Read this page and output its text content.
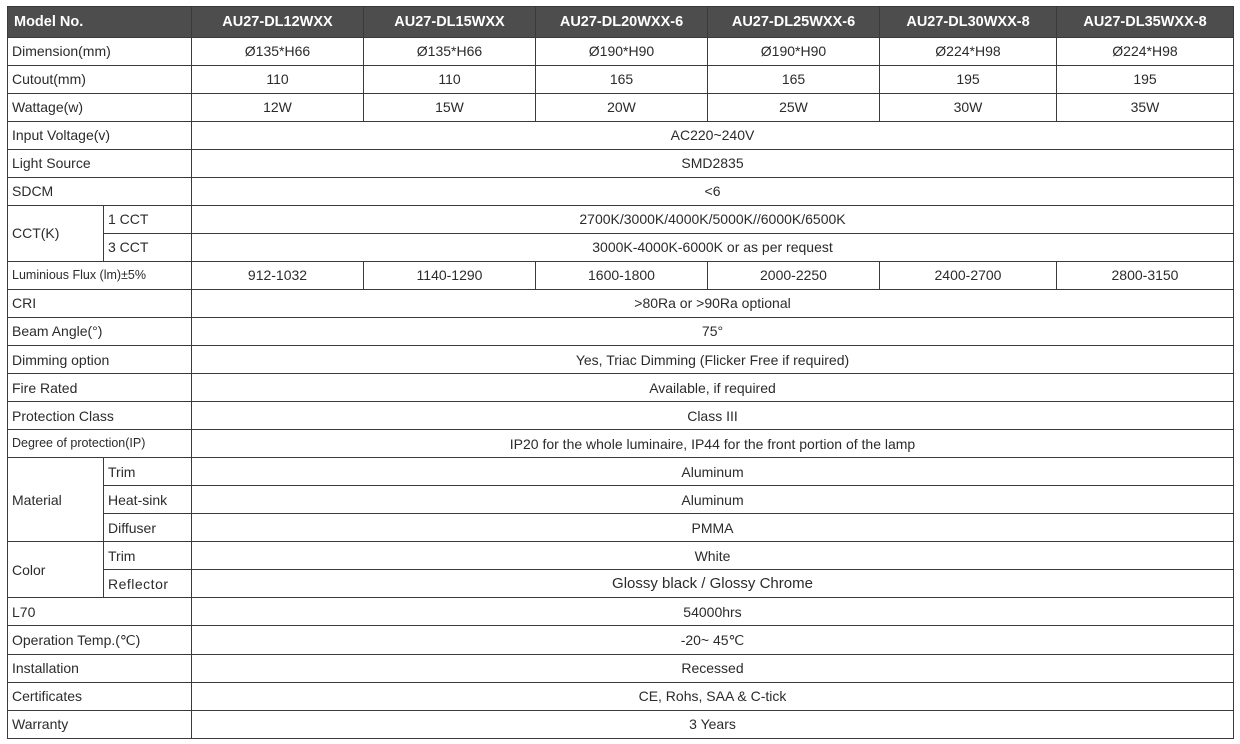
Model No.		AU27-DL12WXX	AU27-DL15WXX	AU27-DL20WXX-6	AU27-DL25WXX-6	AU27-DL30WXX-8	AU27-DL35WXX-8
Dimension(mm)		Ø135*H66	Ø135*H66	Ø190*H90	Ø190*H90	Ø224*H98	Ø224*H98
Cutout(mm)		110	110	165	165	195	195
Wattage(w)		12W	15W	20W	25W	30W	35W
Input Voltage(v)		AC220~240V					
Light Source		SMD2835					
SDCM		<6					
CCT(K)	1 CCT	2700K/3000K/4000K/5000K//6000K/6500K					
	3 CCT	3000K-4000K-6000K or as per request					
Luminious Flux (lm)±5%		912-1032	1140-1290	1600-1800	2000-2250	2400-2700	2800-3150
CRI		>80Ra or >90Ra optional					
Beam Angle(°)		75°					
Dimming option		Yes, Triac Dimming (Flicker Free if required)					
Fire Rated		Available, if required					
Protection Class		Class III					
Degree of protection(IP)		IP20 for the whole luminaire, IP44 for the front portion of the lamp					
Material	Trim	Aluminum					
	Heat-sink	Aluminum					
	Diffuser	PMMA					
Color	Trim	White					
	Reflector	Glossy black / Glossy Chrome					
L70		54000hrs					
Operation Temp.(℃)		-20~ 45℃					
Installation		Recessed					
Certificates		CE, Rohs, SAA & C-tick					
Warranty		3 Years					
